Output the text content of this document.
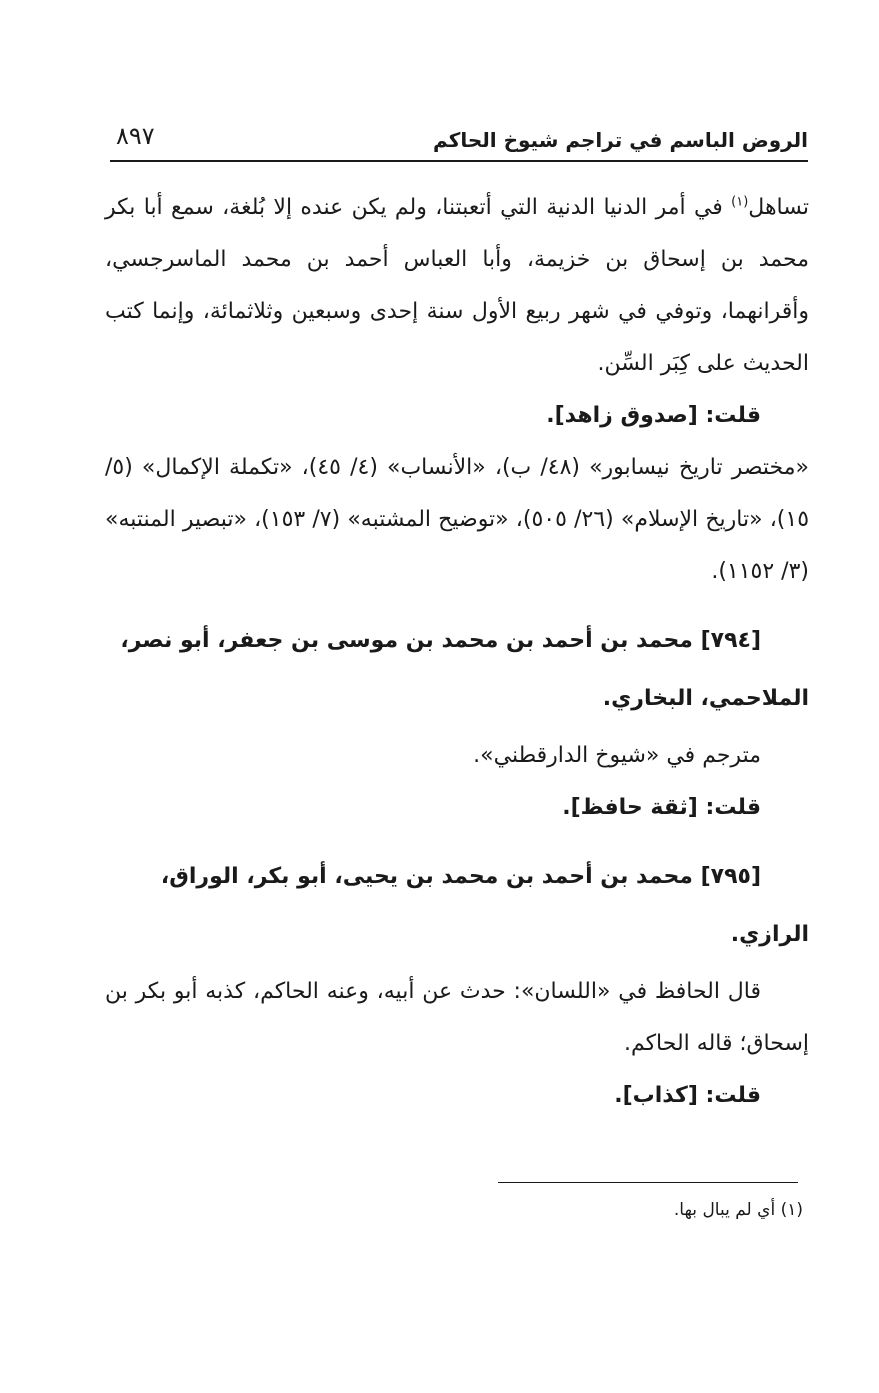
الروض الباسم في تراجم شيوخ الحاكم
٨٩٧

تساهل$^{(١)}$ في أمر الدنيا الدنية التي أتعبتنا، ولم يكن عنده إلا بُلغة، سمع أبا بكر محمد بن إسحاق بن خزيمة، وأبا العباس أحمد بن محمد الماسرجسي، وأقرانهما، وتوفي في شهر ربيع الأول سنة إحدى وسبعين وثلاثمائة، وإنما كتب الحديث على كِبَر السِّن.

قلت: [صدوق زاهد].

«مختصر تاريخ نيسابور» (٤٨/ ب)، «الأنساب» (٤/ ٤٥)، «تكملة الإكمال» (٥/ ١٥)، «تاريخ الإسلام» (٢٦/ ٥٠٥)، «توضيح المشتبه» (٧/ ١٥٣)، «تبصير المنتبه» (٣/ ١١٥٢).

[٧٩٤] محمد بن أحمد بن محمد بن موسى بن جعفر، أبو نصر،

الملاحمي، البخاري.

مترجم في «شيوخ الدارقطني».

قلت: [ثقة حافظ].

[٧٩٥] محمد بن أحمد بن محمد بن يحيى، أبو بكر، الوراق،

الرازي.

قال الحافظ في «اللسان»: حدث عن أبيه، وعنه الحاكم، كذبه أبو بكر بن إسحاق؛ قاله الحاكم.

قلت: [كذاب].

(١) أي لم يبال بها.
